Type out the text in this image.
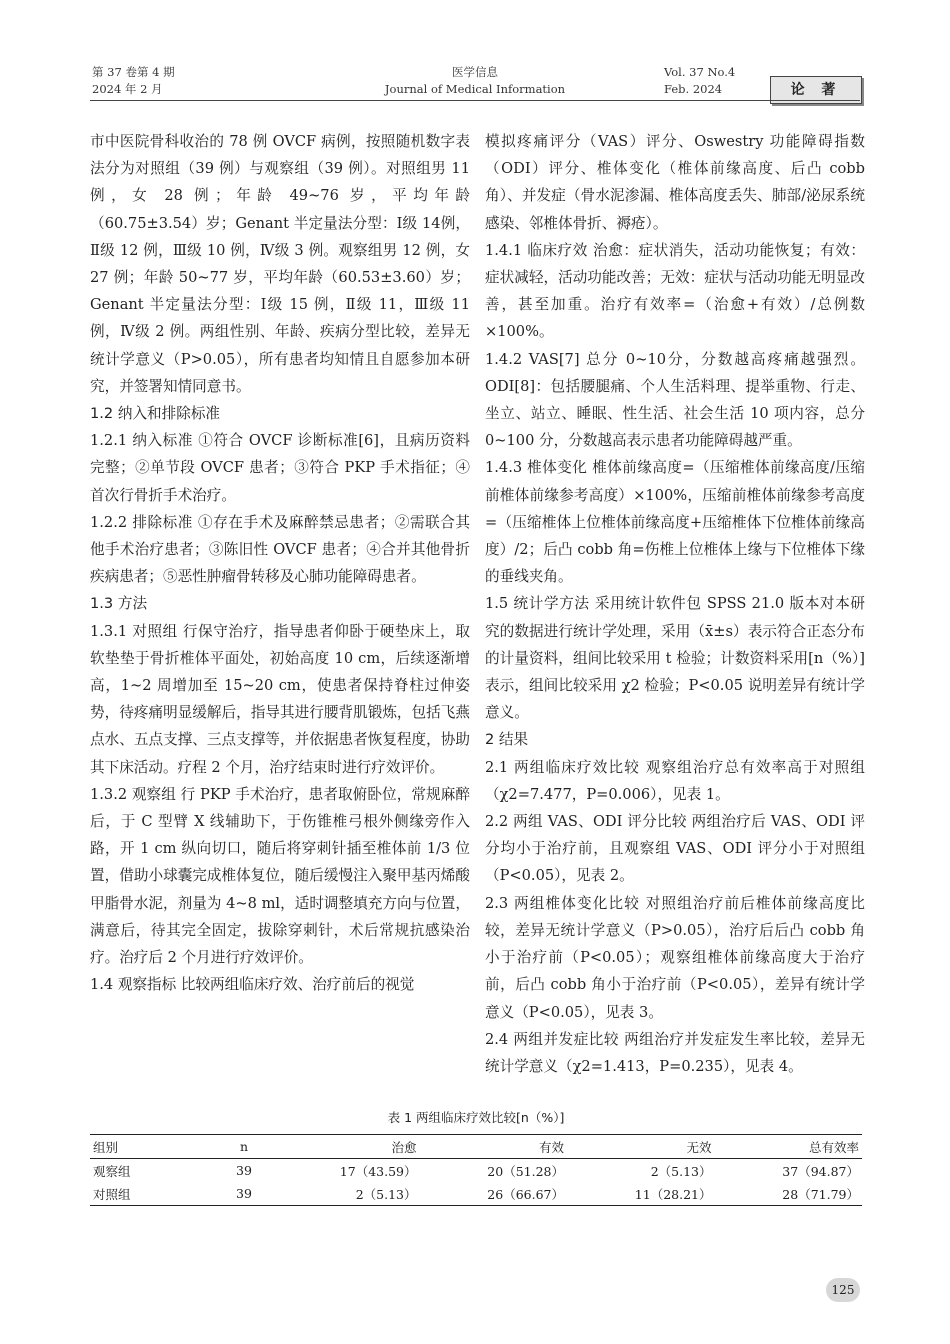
第 37 卷第 4 期
2024 年 2 月
医学信息
Journal of Medical Information
Vol. 37 No.4
Feb. 2024	论 著

市中医院骨科收治的 78 例 OVCF 病例，按照随机数字表法分为对照组（39 例）与观察组（39 例）。对照组男 11 例，女 28 例；年龄 49~76 岁，平均年龄（60.75±3.54）岁；Genant 半定量法分型：Ⅰ级 14例，Ⅱ级 12 例，Ⅲ级 10 例，Ⅳ级 3 例。观察组男 12 例，女 27 例；年龄 50~77 岁，平均年龄（60.53±3.60）岁；Genant 半定量法分型：Ⅰ级 15 例，Ⅱ级 11，Ⅲ级 11 例，Ⅳ级 2 例。两组性别、年龄、疾病分型比较，差异无统计学意义（P>0.05），所有患者均知情且自愿参加本研究，并签署知情同意书。

1.2 纳入和排除标准

1.2.1 纳入标准 ①符合 OVCF 诊断标准[6]，且病历资料完整；②单节段 OVCF 患者；③符合 PKP 手术指征；④首次行骨折手术治疗。

1.2.2 排除标准 ①存在手术及麻醉禁忌患者；②需联合其他手术治疗患者；③陈旧性 OVCF 患者；④合并其他骨折疾病患者；⑤恶性肿瘤骨转移及心肺功能障碍患者。

1.3 方法

1.3.1 对照组 行保守治疗，指导患者仰卧于硬垫床上，取软垫垫于骨折椎体平面处，初始高度 10 cm，后续逐渐增高，1~2 周增加至 15~20 cm，使患者保持脊柱过伸姿势，待疼痛明显缓解后，指导其进行腰背肌锻炼，包括飞燕点水、五点支撑、三点支撑等，并依据患者恢复程度，协助其下床活动。疗程 2 个月，治疗结束时进行疗效评价。

1.3.2 观察组 行 PKP 手术治疗，患者取俯卧位，常规麻醉后，于 C 型臂 X 线辅助下，于伤锥椎弓根外侧缘旁作入路，开 1 cm 纵向切口，随后将穿刺针插至椎体前 1/3 位置，借助小球囊完成椎体复位，随后缓慢注入聚甲基丙烯酸甲脂骨水泥，剂量为 4~8 ml，适时调整填充方向与位置，满意后，待其完全固定，拔除穿刺针，术后常规抗感染治疗。治疗后 2 个月进行疗效评价。

1.4 观察指标 比较两组临床疗效、治疗前后的视觉

模拟疼痛评分（VAS）评分、Oswestry 功能障碍指数（ODI）评分、椎体变化（椎体前缘高度、后凸 cobb 角）、并发症（骨水泥渗漏、椎体高度丢失、肺部/泌尿系统感染、邻椎体骨折、褥疮）。

1.4.1 临床疗效 治愈：症状消失，活动功能恢复；有效：症状减轻，活动功能改善；无效：症状与活动功能无明显改善，甚至加重。治疗有效率=（治愈+有效）/总例数×100%。

1.4.2 VAS[7] 总分 0~10分，分数越高疼痛越强烈。ODI[8]：包括腰腿痛、个人生活料理、提举重物、行走、坐立、站立、睡眠、性生活、社会生活 10 项内容，总分 0~100 分，分数越高表示患者功能障碍越严重。

1.4.3 椎体变化 椎体前缘高度=（压缩椎体前缘高度/压缩前椎体前缘参考高度）×100%，压缩前椎体前缘参考高度=（压缩椎体上位椎体前缘高度+压缩椎体下位椎体前缘高度）/2；后凸 cobb 角=伤椎上位椎体上缘与下位椎体下缘的垂线夹角。

1.5 统计学方法 采用统计软件包 SPSS 21.0 版本对本研究的数据进行统计学处理，采用（x̄±s）表示符合正态分布的计量资料，组间比较采用 t 检验；计数资料采用[n（%）]表示，组间比较采用 χ2 检验；P<0.05 说明差异有统计学意义。

2 结果

2.1 两组临床疗效比较 观察组治疗总有效率高于对照组（χ2=7.477，P=0.006），见表 1。

2.2 两组 VAS、ODI 评分比较 两组治疗后 VAS、ODI 评分均小于治疗前，且观察组 VAS、ODI 评分小于对照组（P<0.05），见表 2。

2.3 两组椎体变化比较 对照组治疗前后椎体前缘高度比较，差异无统计学意义（P>0.05），治疗后后凸 cobb 角小于治疗前（P<0.05）；观察组椎体前缘高度大于治疗前，后凸 cobb 角小于治疗前（P<0.05），差异有统计学意义（P<0.05），见表 3。

2.4 两组并发症比较 两组治疗并发症发生率比较，差异无统计学意义（χ2=1.413，P=0.235），见表 4。

表 1 两组临床疗效比较[n（%）]
组别	n	治愈	有效	无效	总有效率
观察组	39	17（43.59）	20（51.28）	2（5.13）	37（94.87）
对照组	39	2（5.13）	26（66.67）	11（28.21）	28（71.79）
125
